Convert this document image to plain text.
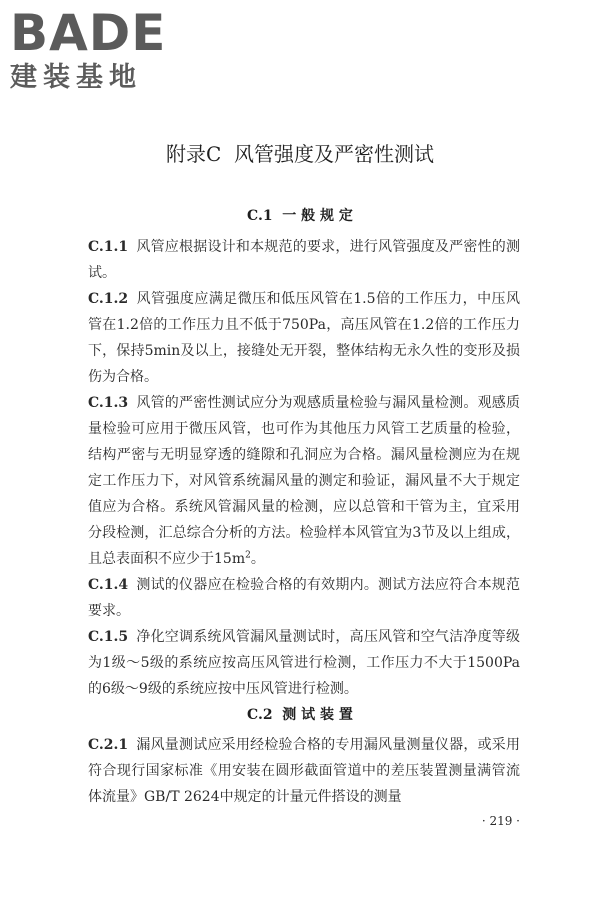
BADE
建装基地
附录C  风管强度及严密性测试
C.1  一 般 规 定
C.1.1 风管应根据设计和本规范的要求，进行风管强度及严密性的测试。
C.1.2 风管强度应满足微压和低压风管在1.5倍的工作压力，中压风管在1.2倍的工作压力且不低于750Pa，高压风管在1.2倍的工作压力下，保持5min及以上，接缝处无开裂，整体结构无永久性的变形及损伤为合格。
C.1.3 风管的严密性测试应分为观感质量检验与漏风量检测。观感质量检验可应用于微压风管，也可作为其他压力风管工艺质量的检验，结构严密与无明显穿透的缝隙和孔洞应为合格。漏风量检测应为在规定工作压力下，对风管系统漏风量的测定和验证，漏风量不大于规定值应为合格。系统风管漏风量的检测，应以总管和干管为主，宜采用分段检测，汇总综合分析的方法。检验样本风管宜为3节及以上组成，且总表面积不应少于$15m^2$。
C.1.4 测试的仪器应在检验合格的有效期内。测试方法应符合本规范要求。
C.1.5 净化空调系统风管漏风量测试时，高压风管和空气洁净度等级为1级～5级的系统应按高压风管进行检测，工作压力不大于1500Pa的6级～9级的系统应按中压风管进行检测。
C.2  测 试 装 置
C.2.1 漏风量测试应采用经检验合格的专用漏风量测量仪器，或采用符合现行国家标准《用安装在圆形截面管道中的差压装置测量满管流体流量》GB/T 2624中规定的计量元件搭设的测量
· 219 ·
